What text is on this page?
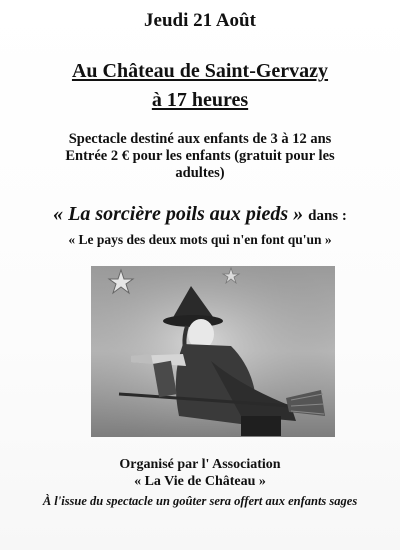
Jeudi 21 Août
Au Château de Saint-Gervazy
à 17 heures
Spectacle destiné aux enfants de 3 à 12 ans
Entrée 2 € pour les enfants (gratuit pour les
adultes)
« La sorcière poils aux pieds » dans :
« Le pays des deux mots qui n'en font qu'un »
Organisé par l' Association
« La Vie de Château »
À l'issue du spectacle un goûter sera offert aux enfants sages
